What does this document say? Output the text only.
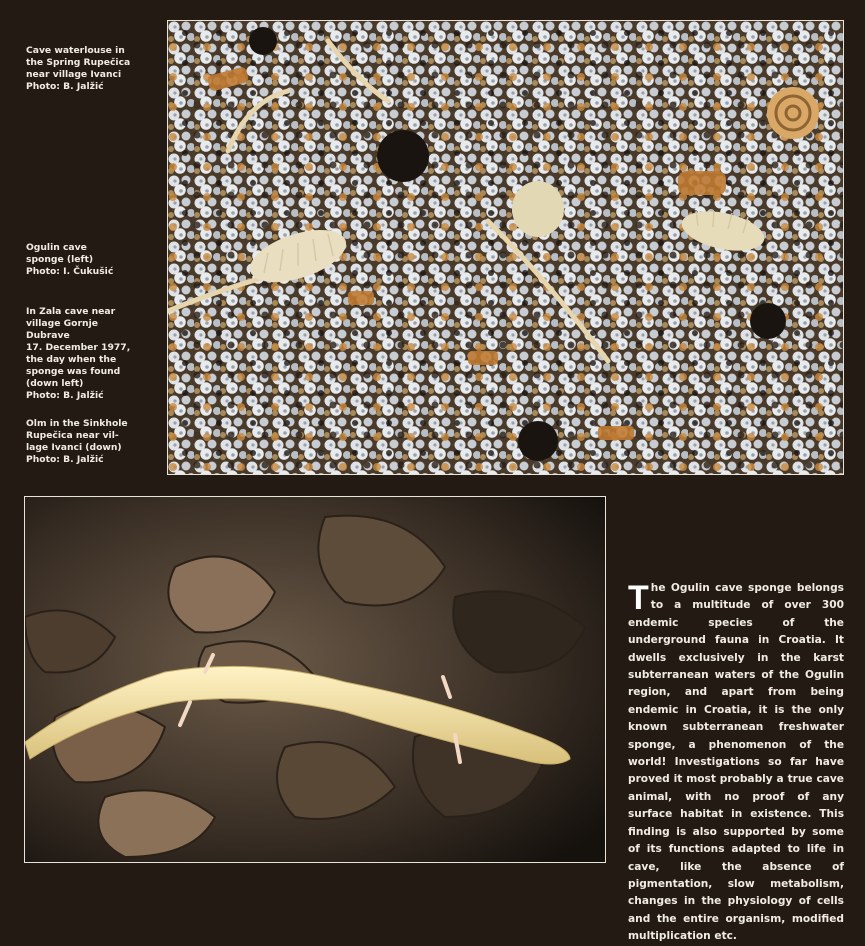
Cave waterlouse in
the Spring Rupečica
near village Ivanci
Photo: B. Jalžić
Ogulin cave
sponge (left)
Photo: I. Čukušić
In Zala cave near
village Gornje Dubrave
17. December 1977,
the day when the
sponge was found
(down left)
Photo: B. Jalžić
Olm in the Sinkhole
Rupečica near vil-
lage Ivanci (down)
Photo: B. Jalžić
The Ogulin cave sponge belongs to a multitude of over 300 endemic species of the underground fauna in Croatia. It dwells exclusively in the karst subterranean waters of the Ogulin region, and apart from being endemic in Croatia, it is the only known subterranean freshwater sponge, a phenomenon of the world! Investigations so far have proved it most probably a true cave animal, with no proof of any surface habitat in existence. This finding is also supported by some of its functions adapted to life in cave, like the absence of pigmentation, slow metabolism, changes in the physiology of cells and the entire organism, modified multiplication etc.
